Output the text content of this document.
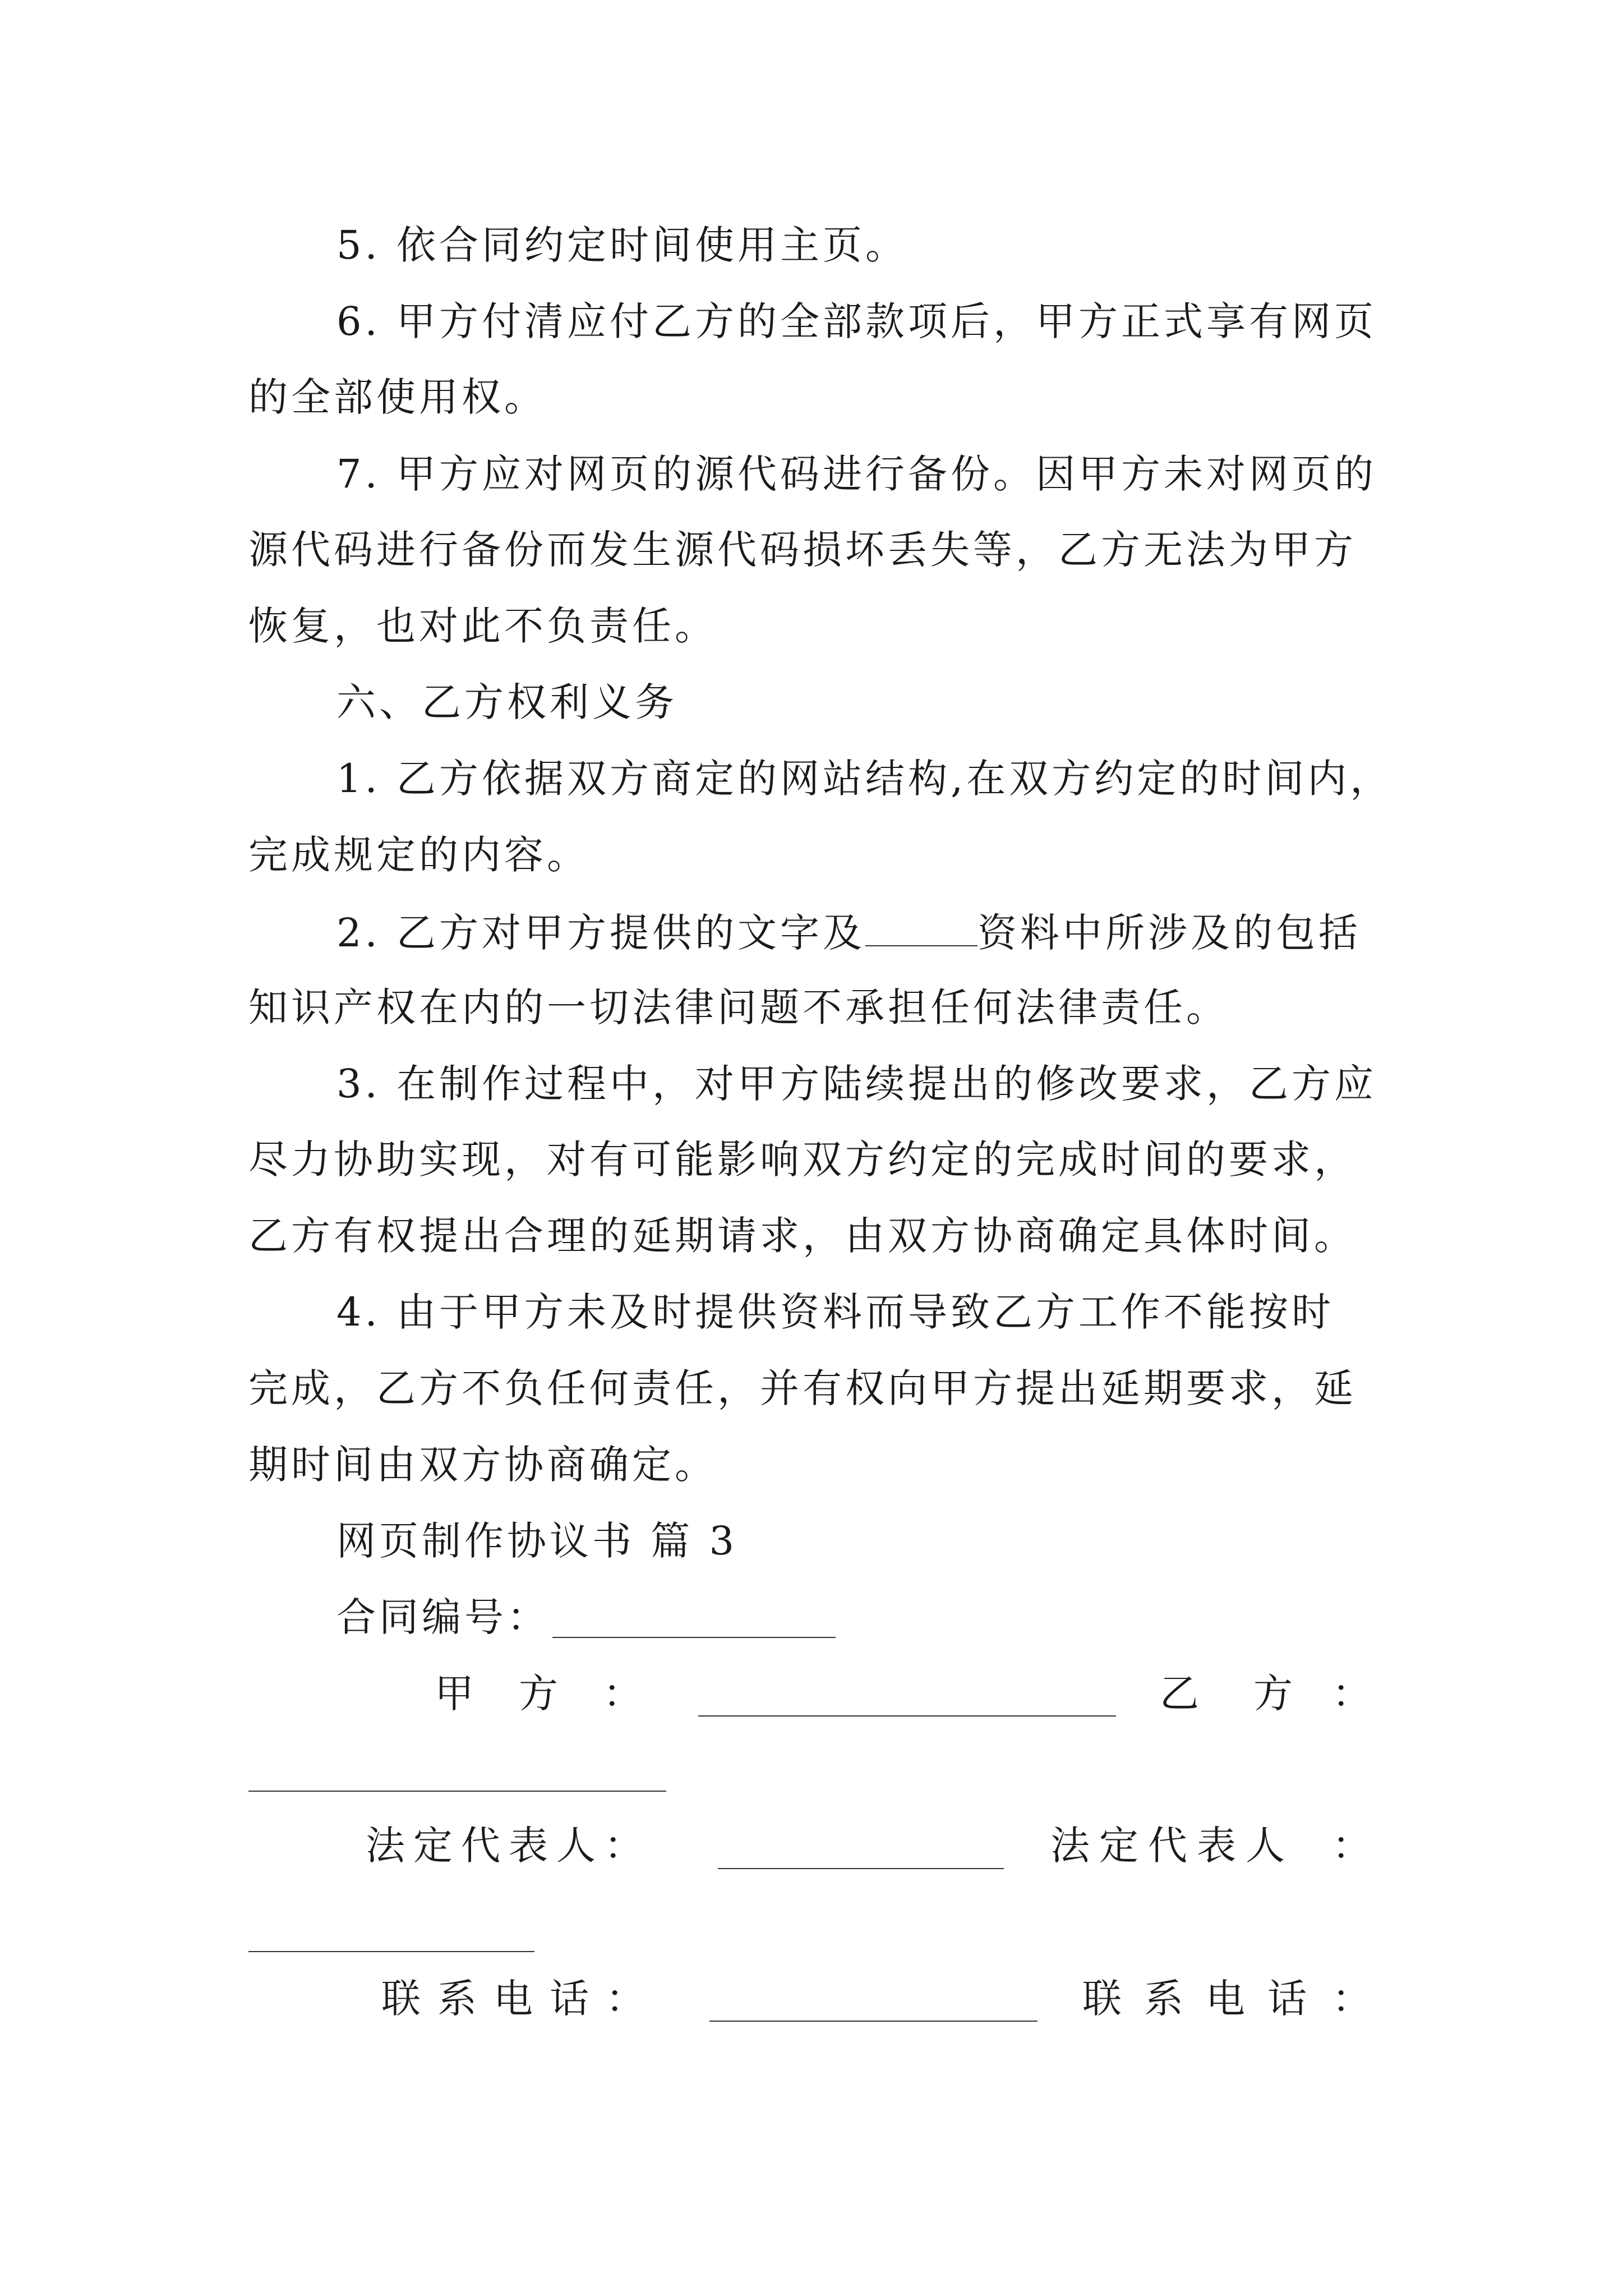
5. 依合同约定时间使用主页。
6. 甲方付清应付乙方的全部款项后，甲方正式享有网页
的全部使用权。
7. 甲方应对网页的源代码进行备份。因甲方未对网页的
源代码进行备份而发生源代码损坏丢失等，乙方无法为甲方
恢复，也对此不负责任。
六、乙方权利义务
1. 乙方依据双方商定的网站结构,在双方约定的时间内，
完成规定的内容。
2. 乙方对甲方提供的文字及	资料中所涉及的包括
知识产权在内的一切法律问题不承担任何法律责任。
3. 在制作过程中，对甲方陆续提出的修改要求，乙方应
尽力协助实现，对有可能影响双方约定的完成时间的要求，
乙方有权提出合理的延期请求，由双方协商确定具体时间。
4. 由于甲方未及时提供资料而导致乙方工作不能按时
完成，乙方不负任何责任，并有权向甲方提出延期要求，延
期时间由双方协商确定。
网页制作协议书 篇 3
合同编号：
甲 方 ：	乙 方 ：
法 定 代 表 人 ：	法 定 代 表 人 ：
联 系 电 话 ：	联 系 电 话 ：
